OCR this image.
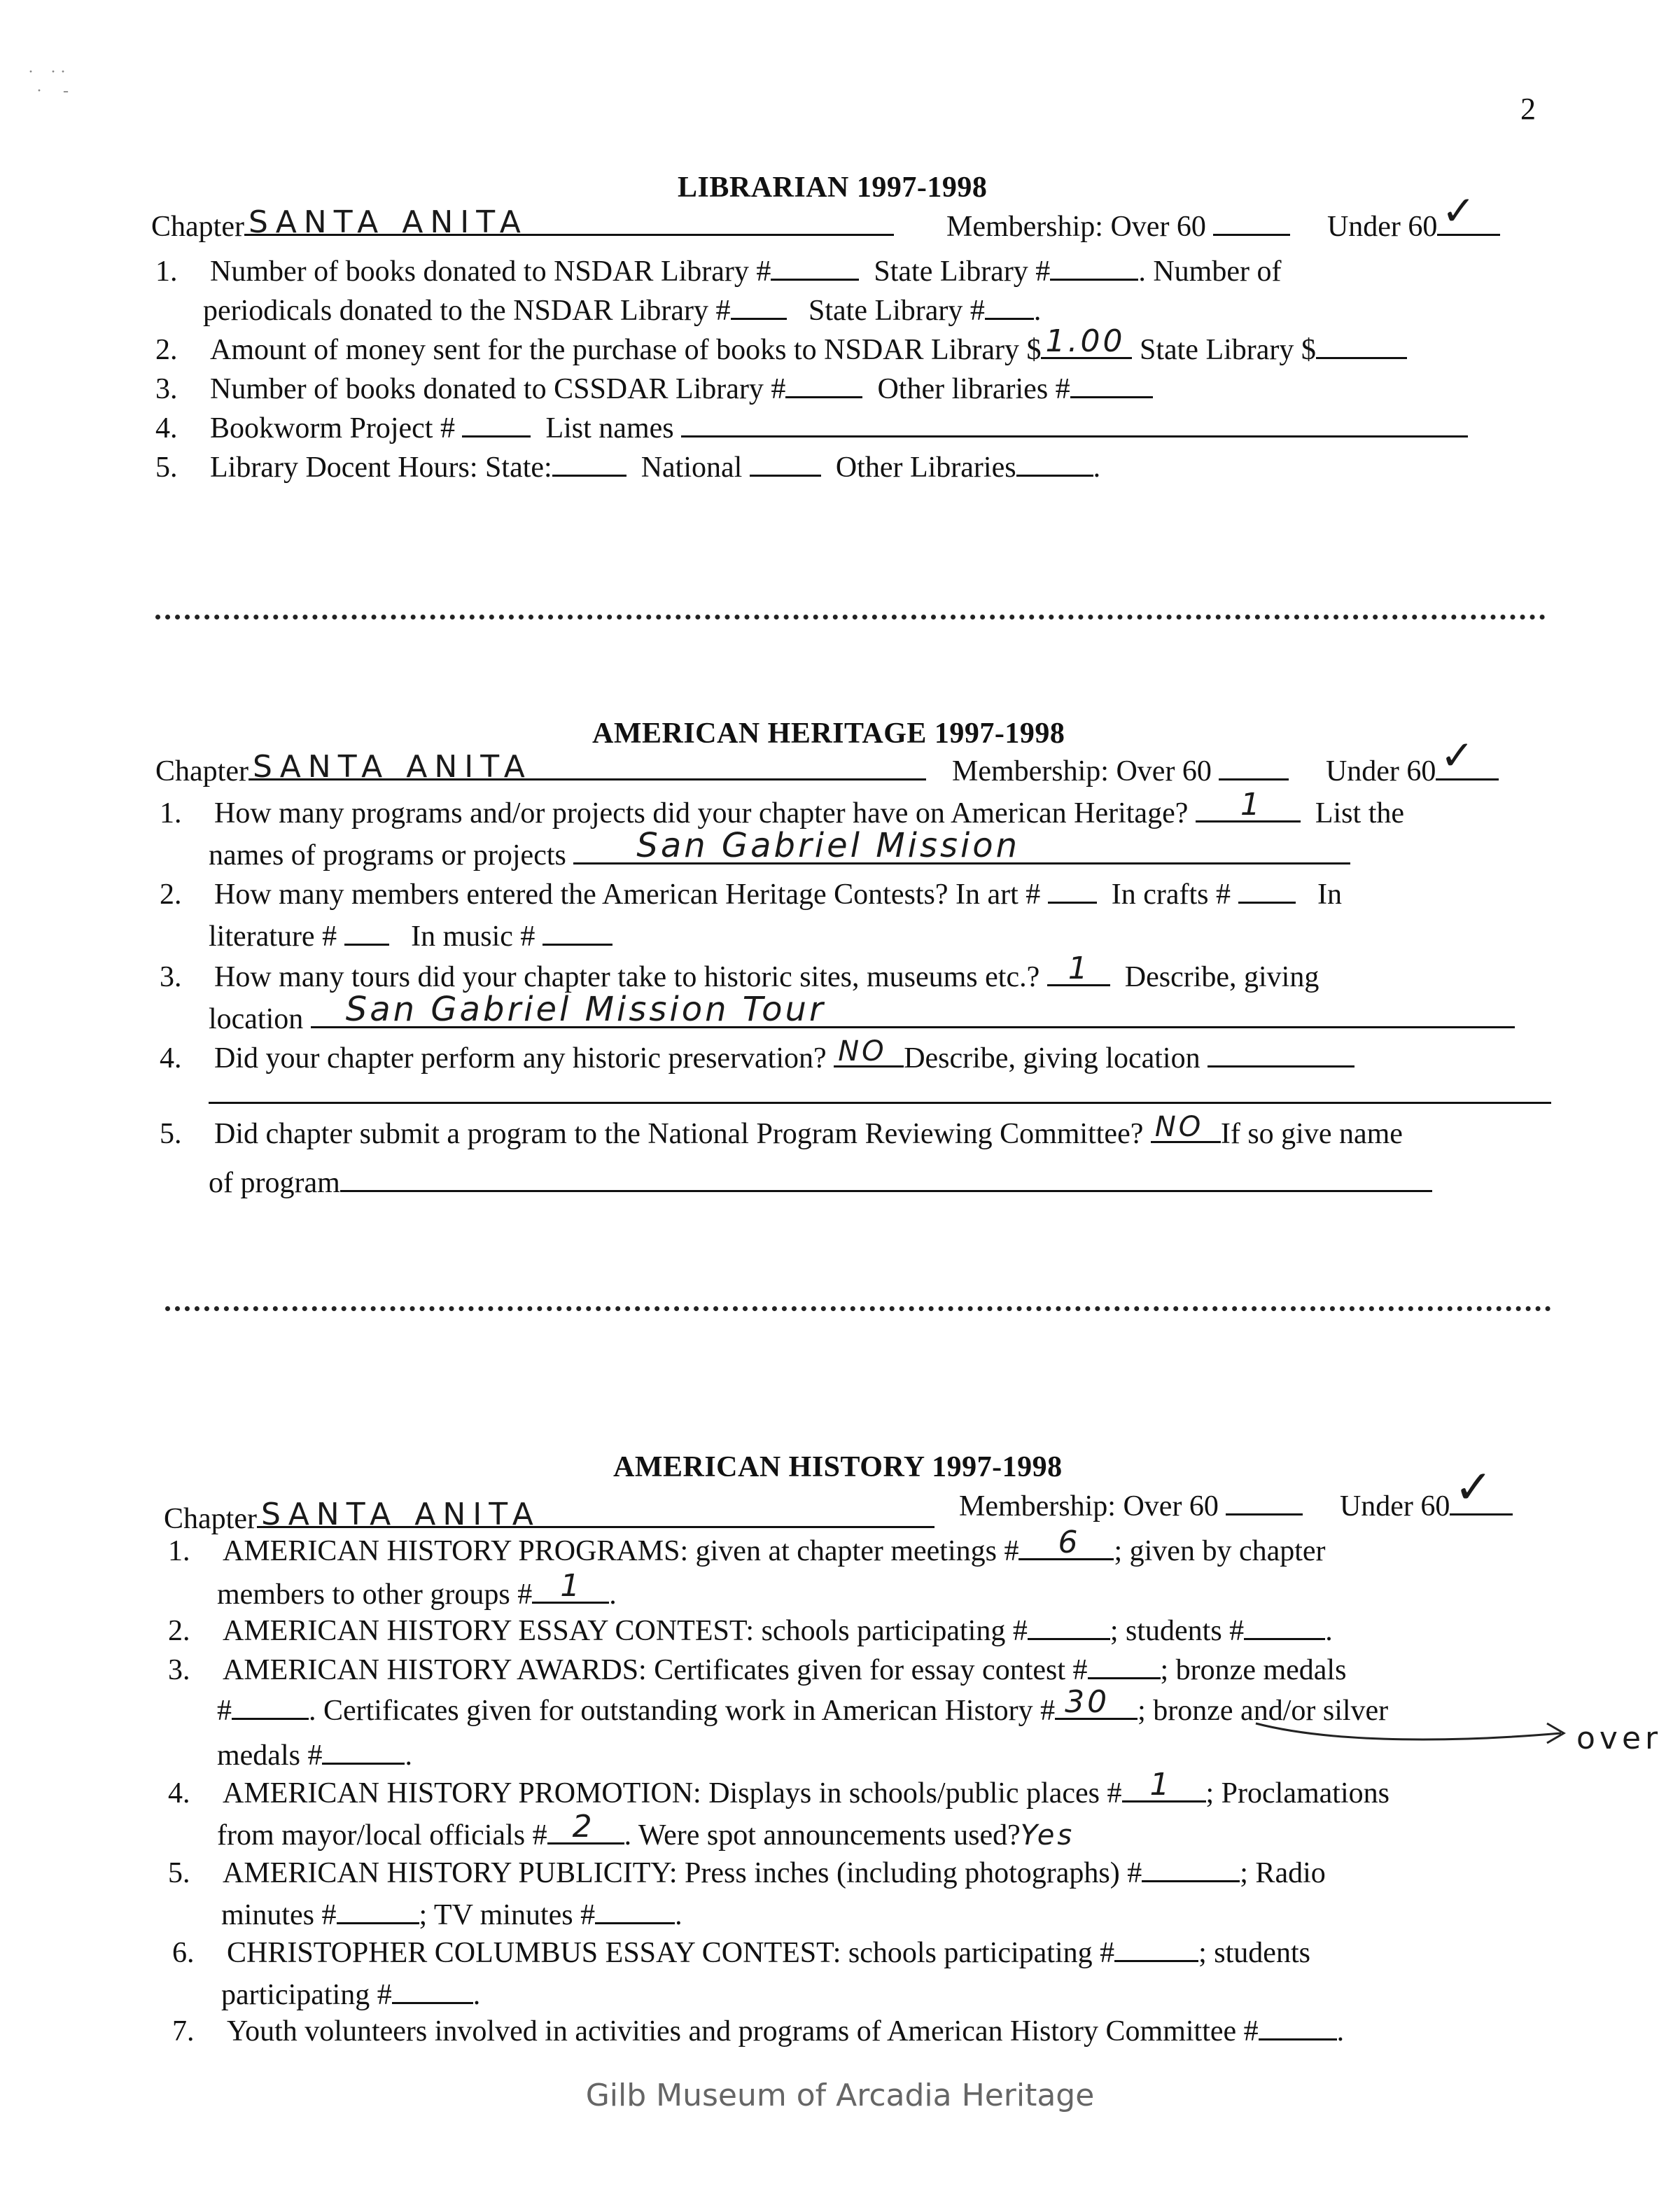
2
·    · ·
·     -
LIBRARIAN 1997-1998
Chapter SANTA ANITA	Membership: Over 60	Under 60 ✓
1. Number of books donated to NSDAR Library #	State Library #	. Number of
periodicals donated to the NSDAR Library #	State Library # .
2. Amount of money sent for the purchase of books to NSDAR Library $ 1.00 State Library $
3. Number of books donated to CSSDAR Library #	Other libraries #
4. Bookworm Project #	List names
5. Library Docent Hours: State:	National	Other Libraries	.
AMERICAN HERITAGE 1997-1998
Chapter SANTA ANITA	Membership: Over 60	Under 60 ✓
1. How many programs and/or projects did your chapter have on American Heritage? 1 List the
names of programs or projects San Gabriel Mission
2. How many members entered the American Heritage Contests? In art # In crafts #	In
literature #	In music #
3. How many tours did your chapter take to historic sites, museums etc.? 1 Describe, giving
location San Gabriel Mission Tour
4. Did your chapter perform any historic preservation? NO Describe, giving location
5. Did chapter submit a program to the National Program Reviewing Committee? NO If so give name
of program
AMERICAN HISTORY 1997-1998
Chapter SANTA ANITA	Membership: Over 60	Under 60 ✓
1. AMERICAN HISTORY PROGRAMS: given at chapter meetings # 6 ; given by chapter
members to other groups # 1 .
2. AMERICAN HISTORY ESSAY CONTEST: schools participating #	; students #	.
3. AMERICAN HISTORY AWARDS: Certificates given for essay contest # ; bronze medals
#	. Certificates given for outstanding work in American History # 30 ; bronze and/or silver
over
medals #	.
4. AMERICAN HISTORY PROMOTION: Displays in schools/public places # 1 ; Proclamations
from mayor/local officials # 2 . Were spot announcements used?Yes
5. AMERICAN HISTORY PUBLICITY: Press inches (including photographs) #	; Radio
minutes #	; TV minutes #	.
6. CHRISTOPHER COLUMBUS ESSAY CONTEST: schools participating #	; students
participating #	.
7. Youth volunteers involved in activities and programs of American History Committee #	.
Gilb Museum of Arcadia Heritage
